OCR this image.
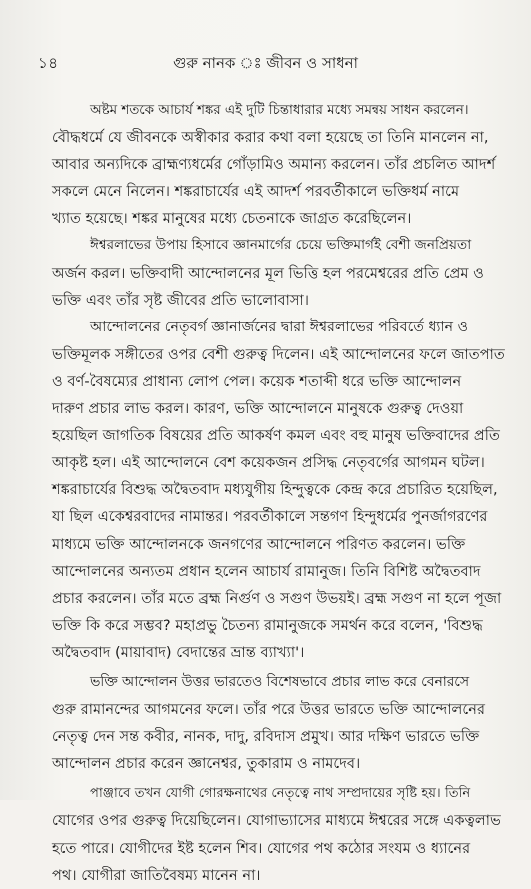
১৪	গুরু নানক ঃ জীবন ও সাধনা

অষ্টম শতকে আচার্য শঙ্কর এই দুটি চিন্তাধারার মধ্যে সমন্বয় সাধন করলেন।
বৌদ্ধধর্মে যে জীবনকে অস্বীকার করার কথা বলা হয়েছে তা তিনি মানলেন না,
আবার অন্যদিকে ব্রাহ্মণ্যধর্মের গোঁড়ামিও অমান্য করলেন। তাঁর প্রচলিত আদর্শ
সকলে মেনে নিলেন। শঙ্করাচার্যের এই আদর্শ পরবর্তীকালে ভক্তিধর্ম নামে
খ্যাত হয়েছে। শঙ্কর মানুষের মধ্যে চেতনাকে জাগ্রত করেছিলেন।

ঈশ্বরলাভের উপায় হিসাবে জ্ঞানমার্গের চেয়ে ভক্তিমার্গই বেশী জনপ্রিয়তা
অর্জন করল। ভক্তিবাদী আন্দোলনের মূল ভিত্তি হল পরমেশ্বরের প্রতি প্রেম ও
ভক্তি এবং তাঁর সৃষ্ট জীবের প্রতি ভালোবাসা।

আন্দোলনের নেতৃবর্গ জ্ঞানার্জনের দ্বারা ঈশ্বরলাভের পরিবর্তে ধ্যান ও
ভক্তিমূলক সঙ্গীতের ওপর বেশী গুরুত্ব দিলেন। এই আন্দোলনের ফলে জাতপাত
ও বর্ণ-বৈষম্যের প্রাধান্য লোপ পেল। কয়েক শতাব্দী ধরে ভক্তি আন্দোলন
দারুণ প্রচার লাভ করল। কারণ, ভক্তি আন্দোলনে মানুষকে গুরুত্ব দেওয়া
হয়েছিল জাগতিক বিষয়ের প্রতি আকর্ষণ কমল এবং বহু মানুষ ভক্তিবাদের প্রতি
আকৃষ্ট হল। এই আন্দোলনে বেশ কয়েকজন প্রসিদ্ধ নেতৃবর্গের আগমন ঘটল।
শঙ্করাচার্যের বিশুদ্ধ অদ্বৈতবাদ মধ্যযুগীয় হিন্দুত্বকে কেন্দ্র করে প্রচারিত হয়েছিল,
যা ছিল একেশ্বরবাদের নামান্তর। পরবর্তীকালে সন্তগণ হিন্দুধর্মের পুনর্জাগরণের
মাধ্যমে ভক্তি আন্দোলনকে জনগণের আন্দোলনে পরিণত করলেন। ভক্তি
আন্দোলনের অন্যতম প্রধান হলেন আচার্য রামানুজ। তিনি বিশিষ্ট অদ্বৈতবাদ
প্রচার করলেন। তাঁর মতে ব্রহ্ম নির্গুণ ও সগুণ উভয়ই। ব্রহ্ম সগুণ না হলে পূজা
ভক্তি কি করে সম্ভব? মহাপ্রভু চৈতন্য রামানুজকে সমর্থন করে বলেন, 'বিশুদ্ধ
অদ্বৈতবাদ (মায়াবাদ) বেদান্তের ভ্রান্ত ব্যাখ্যা'।

ভক্তি আন্দোলন উত্তর ভারতেও বিশেষভাবে প্রচার লাভ করে বেনারসে
গুরু রামানন্দের আগমনের ফলে। তাঁর পরে উত্তর ভারতে ভক্তি আন্দোলনের
নেতৃত্ব দেন সন্ত কবীর, নানক, দাদু, রবিদাস প্রমুখ। আর দক্ষিণ ভারতে ভক্তি
আন্দোলন প্রচার করেন জ্ঞানেশ্বর, তুকারাম ও নামদেব।

পাঞ্জাবে তখন যোগী গোরক্ষনাথের নেতৃত্বে নাথ সম্প্রদায়ের সৃষ্টি হয়। তিনি
যোগের ওপর গুরুত্ব দিয়েছিলেন। যোগাভ্যাসের মাধ্যমে ঈশ্বরের সঙ্গে একত্বলাভ
হতে পারে। যোগীদের ইষ্ট হলেন শিব। যোগের পথ কঠোর সংযম ও ধ্যানের
পথ। যোগীরা জাতিবৈষম্য মানেন না।
